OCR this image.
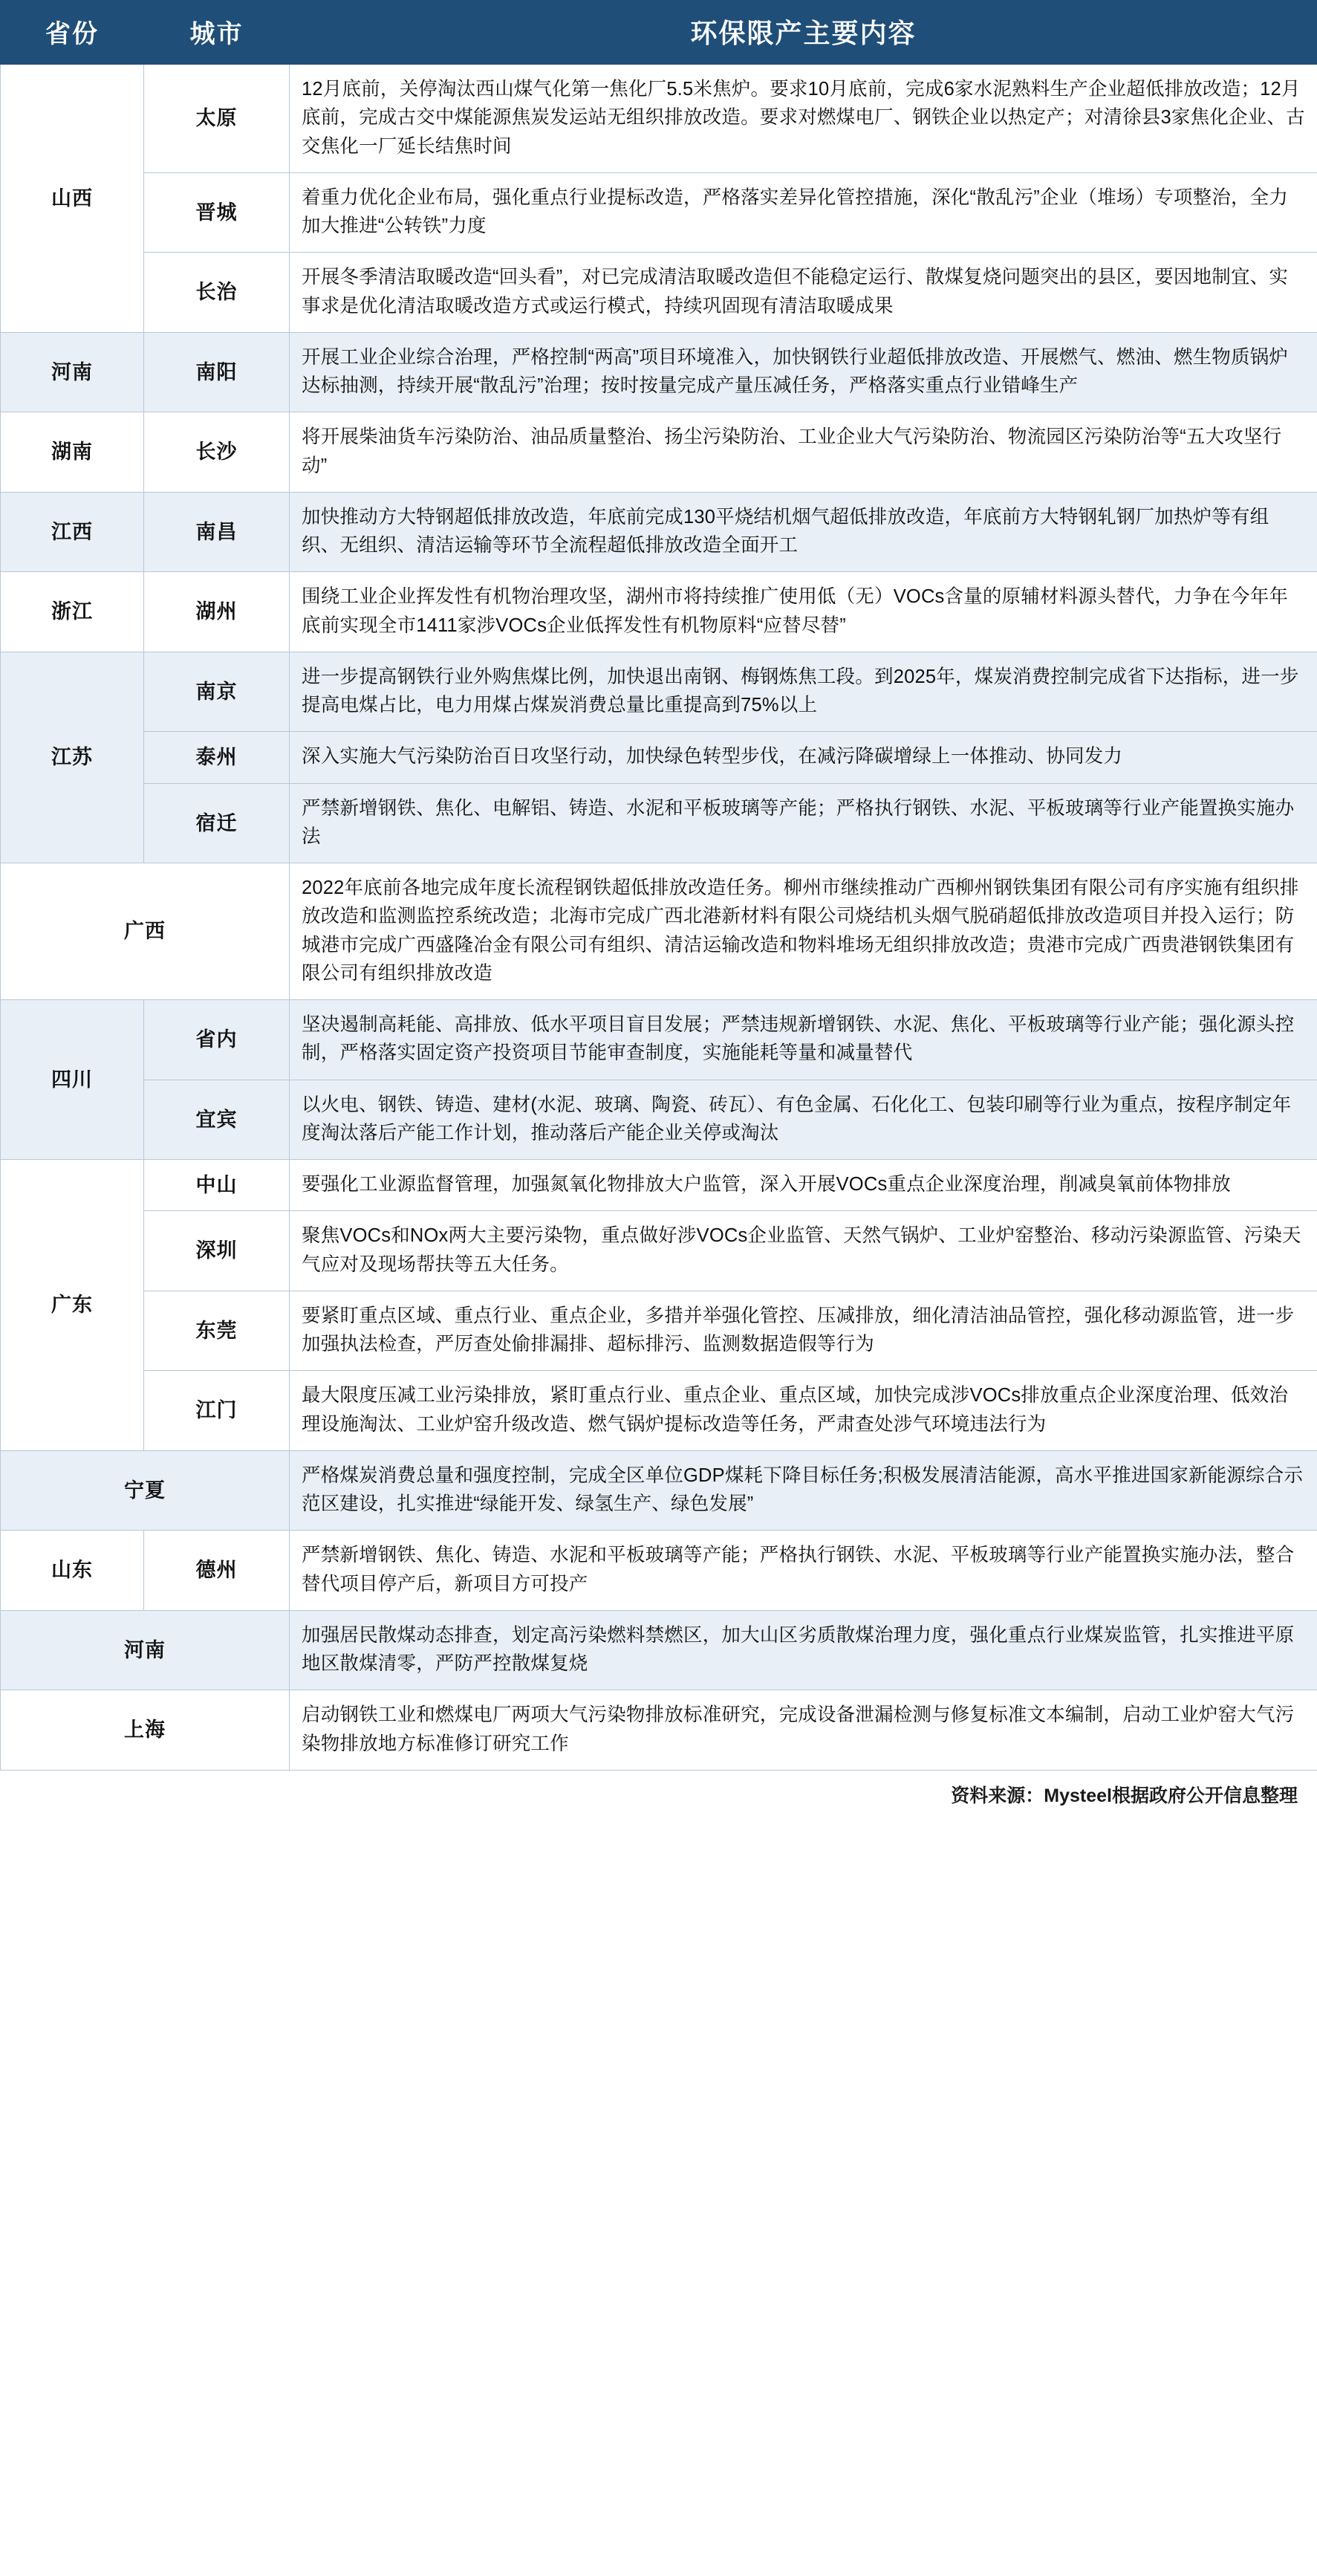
省份	城市	环保限产主要内容
山西	太原	12月底前，关停淘汰西山煤气化第一焦化厂5.5米焦炉。要求10月底前，完成6家水泥熟料生产企业超低排放改造；12月底前，完成古交中煤能源焦炭发运站无组织排放改造。要求对燃煤电厂、钢铁企业以热定产；对清徐县3家焦化企业、古交焦化一厂延长结焦时间
	晋城	着重力优化企业布局，强化重点行业提标改造，严格落实差异化管控措施，深化“散乱污”企业（堆场）专项整治，全力加大推进“公转铁”力度
	长治	开展冬季清洁取暖改造“回头看”，对已完成清洁取暖改造但不能稳定运行、散煤复烧问题突出的县区，要因地制宜、实事求是优化清洁取暖改造方式或运行模式，持续巩固现有清洁取暖成果
河南	南阳	开展工业企业综合治理，严格控制“两高”项目环境准入，加快钢铁行业超低排放改造、开展燃气、燃油、燃生物质锅炉达标抽测，持续开展“散乱污”治理；按时按量完成产量压减任务，严格落实重点行业错峰生产
湖南	长沙	将开展柴油货车污染防治、油品质量整治、扬尘污染防治、工业企业大气污染防治、物流园区污染防治等“五大攻坚行动”
江西	南昌	加快推动方大特钢超低排放改造，年底前完成130平烧结机烟气超低排放改造，年底前方大特钢轧钢厂加热炉等有组织、无组织、清洁运输等环节全流程超低排放改造全面开工
浙江	湖州	围绕工业企业挥发性有机物治理攻坚，湖州市将持续推广使用低（无）VOCs含量的原辅材料源头替代，力争在今年年底前实现全市1411家涉VOCs企业低挥发性有机物原料“应替尽替”
江苏	南京	进一步提高钢铁行业外购焦煤比例，加快退出南钢、梅钢炼焦工段。到2025年，煤炭消费控制完成省下达指标，进一步提高电煤占比，电力用煤占煤炭消费总量比重提高到75%以上
	泰州	深入实施大气污染防治百日攻坚行动，加快绿色转型步伐，在减污降碳增绿上一体推动、协同发力
	宿迁	严禁新增钢铁、焦化、电解铝、铸造、水泥和平板玻璃等产能；严格执行钢铁、水泥、平板玻璃等行业产能置换实施办法
广西		2022年底前各地完成年度长流程钢铁超低排放改造任务。柳州市继续推动广西柳州钢铁集团有限公司有序实施有组织排放改造和监测监控系统改造；北海市完成广西北港新材料有限公司烧结机头烟气脱硝超低排放改造项目并投入运行；防城港市完成广西盛隆冶金有限公司有组织、清洁运输改造和物料堆场无组织排放改造；贵港市完成广西贵港钢铁集团有限公司有组织排放改造
四川	省内	坚决遏制高耗能、高排放、低水平项目盲目发展；严禁违规新增钢铁、水泥、焦化、平板玻璃等行业产能；强化源头控制，严格落实固定资产投资项目节能审查制度，实施能耗等量和减量替代
	宜宾	以火电、钢铁、铸造、建材(水泥、玻璃、陶瓷、砖瓦）、有色金属、石化化工、包装印刷等行业为重点，按程序制定年度淘汰落后产能工作计划，推动落后产能企业关停或淘汰
广东	中山	要强化工业源监督管理，加强氮氧化物排放大户监管，深入开展VOCs重点企业深度治理，削减臭氧前体物排放
	深圳	聚焦VOCs和NOx两大主要污染物，重点做好涉VOCs企业监管、天然气锅炉、工业炉窑整治、移动污染源监管、污染天气应对及现场帮扶等五大任务。
	东莞	要紧盯重点区域、重点行业、重点企业，多措并举强化管控、压减排放，细化清洁油品管控，强化移动源监管，进一步加强执法检查，严厉查处偷排漏排、超标排污、监测数据造假等行为
	江门	最大限度压减工业污染排放，紧盯重点行业、重点企业、重点区域，加快完成涉VOCs排放重点企业深度治理、低效治理设施淘汰、工业炉窑升级改造、燃气锅炉提标改造等任务，严肃查处涉气环境违法行为
宁夏		严格煤炭消费总量和强度控制，完成全区单位GDP煤耗下降目标任务;积极发展清洁能源，高水平推进国家新能源综合示范区建设，扎实推进“绿能开发、绿氢生产、绿色发展”
山东	德州	严禁新增钢铁、焦化、铸造、水泥和平板玻璃等产能；严格执行钢铁、水泥、平板玻璃等行业产能置换实施办法，整合替代项目停产后，新项目方可投产
河南		加强居民散煤动态排查，划定高污染燃料禁燃区，加大山区劣质散煤治理力度，强化重点行业煤炭监管，扎实推进平原地区散煤清零，严防严控散煤复烧
上海		启动钢铁工业和燃煤电厂两项大气污染物排放标准研究，完成设备泄漏检测与修复标准文本编制，启动工业炉窑大气污染物排放地方标准修订研究工作
资料来源：Mysteel根据政府公开信息整理
